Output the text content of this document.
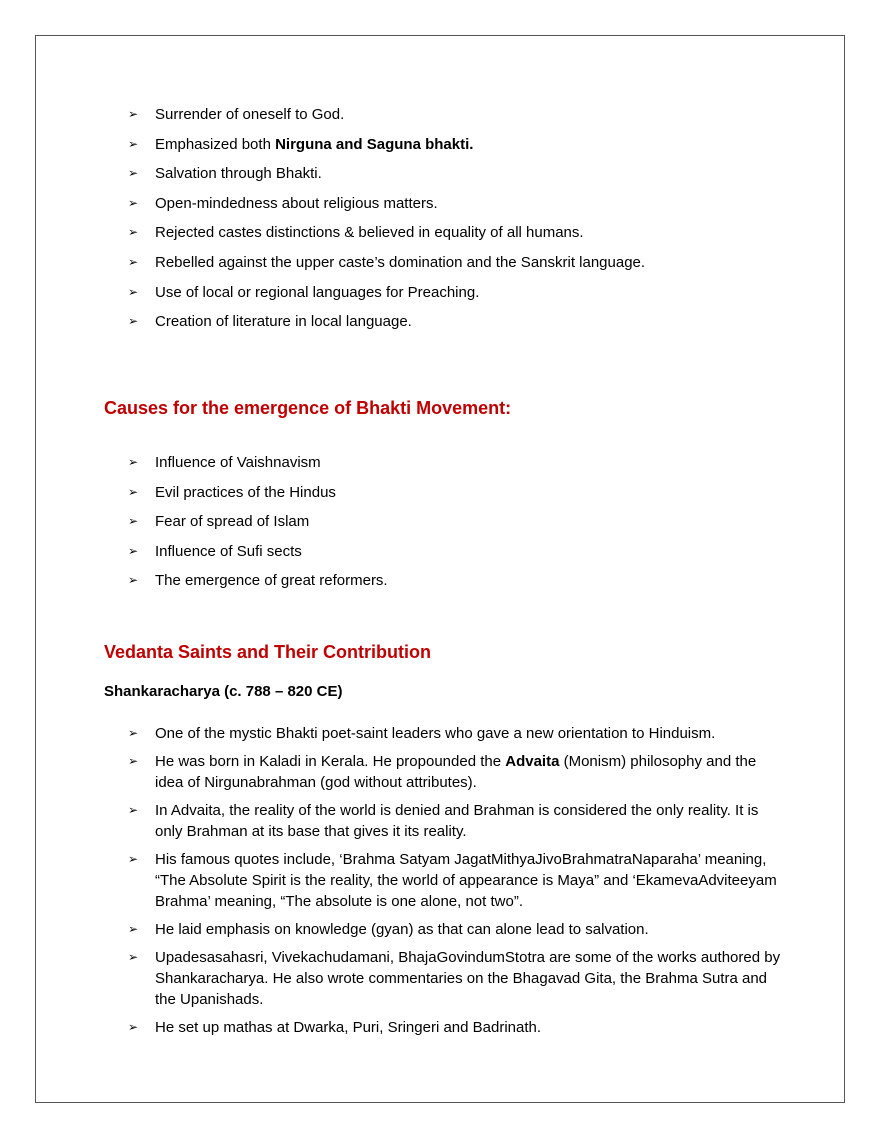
➢ Surrender of oneself to God.
➢ Emphasized both Nirguna and Saguna bhakti.
➢ Salvation through Bhakti.
➢ Open-mindedness about religious matters.
➢ Rejected castes distinctions & believed in equality of all humans.
➢ Rebelled against the upper caste’s domination and the Sanskrit language.
➢ Use of local or regional languages for Preaching.
➢ Creation of literature in local language.
Causes for the emergence of Bhakti Movement:
➢ Influence of Vaishnavism
➢ Evil practices of the Hindus
➢ Fear of spread of Islam
➢ Influence of Sufi sects
➢ The emergence of great reformers.
Vedanta Saints and Their Contribution
Shankaracharya (c. 788 – 820 CE)
➢ One of the mystic Bhakti poet-saint leaders who gave a new orientation to Hinduism.
➢ He was born in Kaladi in Kerala. He propounded the Advaita (Monism) philosophy and the idea of Nirgunabrahman (god without attributes).
➢ In Advaita, the reality of the world is denied and Brahman is considered the only reality. It is only Brahman at its base that gives it its reality.
➢ His famous quotes include, ‘Brahma Satyam JagatMithyaJivoBrahmatraNaparaha’ meaning, “The Absolute Spirit is the reality, the world of appearance is Maya” and ‘EkamevaAdviteeyam Brahma’ meaning, “The absolute is one alone, not two”.
➢ He laid emphasis on knowledge (gyan) as that can alone lead to salvation.
➢ Upadesasahasri, Vivekachudamani, BhajaGovindumStotra are some of the works authored by Shankaracharya. He also wrote commentaries on the Bhagavad Gita, the Brahma Sutra and the Upanishads.
➢ He set up mathas at Dwarka, Puri, Sringeri and Badrinath.
